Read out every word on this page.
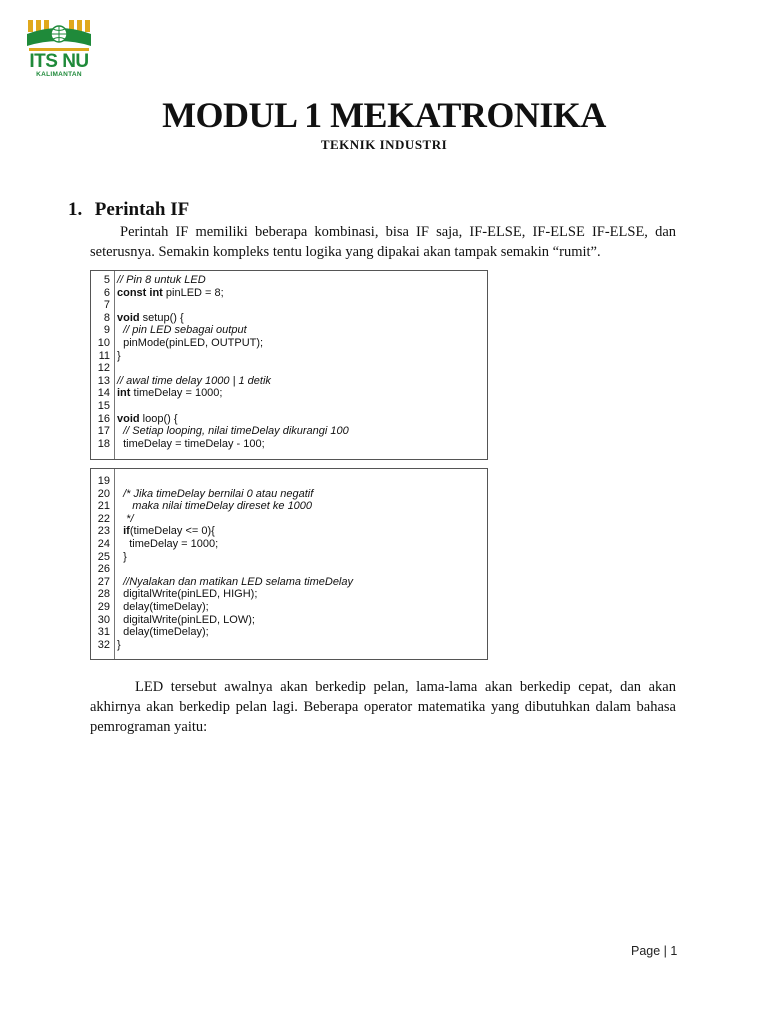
ITS NU
KALIMANTAN
MODUL 1 MEKATRONIKA
TEKNIK INDUSTRI
1. Perintah IF
Perintah IF memiliki beberapa kombinasi, bisa IF saja, IF-ELSE, IF-ELSE IF-ELSE, dan seterusnya. Semakin kompleks tentu logika yang dipakai akan tampak semakin “rumit”.
5 // Pin 8 untuk LED
6 const int pinLED = 8;
7
8 void setup() {
9 // pin LED sebagai output
10 pinMode(pinLED, OUTPUT);
11 }
12
13 // awal time delay 1000 | 1 detik
14 int timeDelay = 1000;
15
16 void loop() {
17 // Setiap looping, nilai timeDelay dikurangi 100
18 timeDelay = timeDelay - 100;
19
20 /* Jika timeDelay bernilai 0 atau negatif
21 maka nilai timeDelay direset ke 1000
22 */
23	if(timeDelay <= 0){
24 timeDelay = 1000;
25 }
26
27 //Nyalakan dan matikan LED selama timeDelay
28 digitalWrite(pinLED, HIGH);
29 delay(timeDelay);
30 digitalWrite(pinLED, LOW);
31 delay(timeDelay);
32 }
LED tersebut awalnya akan berkedip pelan, lama-lama akan berkedip cepat, dan akan akhirnya akan berkedip pelan lagi. Beberapa operator matematika yang dibutuhkan dalam bahasa pemrograman yaitu:
Page | 1
